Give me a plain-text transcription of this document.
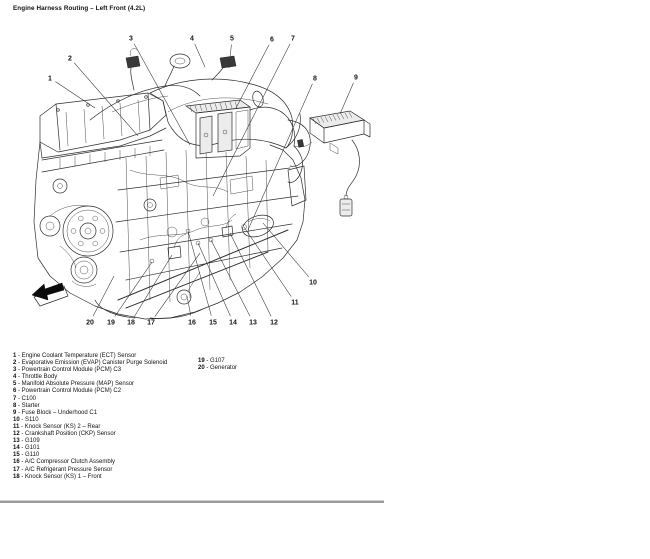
Engine Harness Routing – Left Front (4.2L)
1
2
3	4	5	6 7
8	9
10
11
12
13
14
15
16
17
18
19
20
1 - Engine Coolant Temperature (ECT) Sensor
2 - Evaporative Emission (EVAP) Canister Purge Solenoid
3 - Powertrain Control Module (PCM) C3
4 - Throttle Body
5 - Manifold Absolute Pressure (MAP) Sensor
6 - Powertrain Control Module (PCM) C2
7 - C100
8 - Starter
9 - Fuse Block – Underhood C1
10 - S110
11 - Knock Sensor (KS) 2 – Rear
12 - Crankshaft Position (CKP) Sensor
13 - G109
14 - G101
15 - G110
16 - A/C Compressor Clutch Assembly
17 - A/C Refrigerant Pressure Sensor
18 - Knock Sensor (KS) 1 – Front
19 - G107
20 - Generator
